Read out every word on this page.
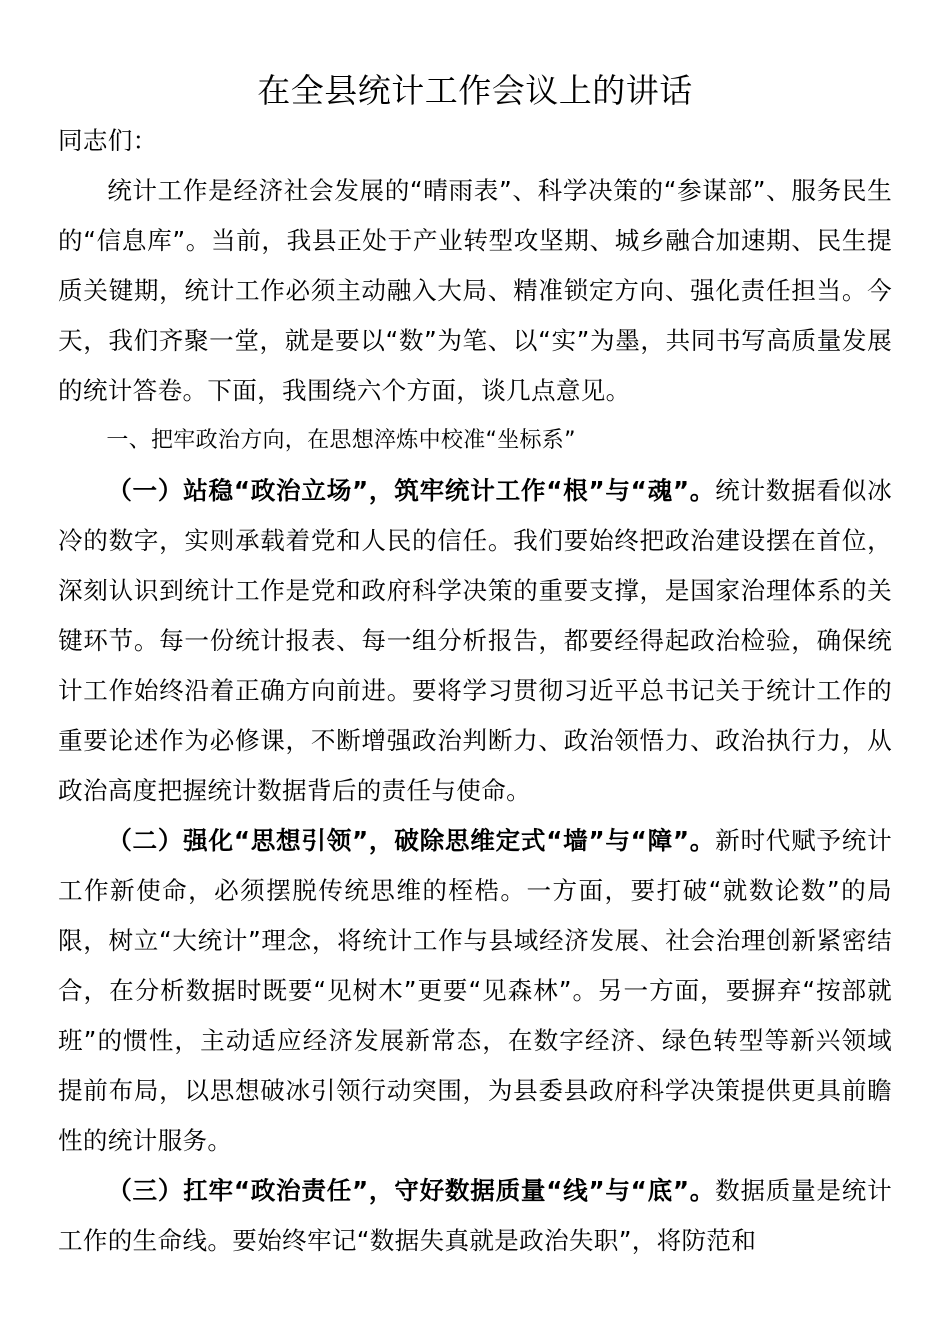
在全县统计工作会议上的讲话

同志们：

统计工作是经济社会发展的“晴雨表”、科学决策的“参谋部”、服务民生的“信息库”。当前，我县正处于产业转型攻坚期、城乡融合加速期、民生提质关键期，统计工作必须主动融入大局、精准锁定方向、强化责任担当。今天，我们齐聚一堂，就是要以“数”为笔、以“实”为墨，共同书写高质量发展的统计答卷。下面，我围绕六个方面，谈几点意见。

一、把牢政治方向，在思想淬炼中校准“坐标系”

（一）站稳“政治立场”，筑牢统计工作“根”与“魂”。统计数据看似冰冷的数字，实则承载着党和人民的信任。我们要始终把政治建设摆在首位，深刻认识到统计工作是党和政府科学决策的重要支撑，是国家治理体系的关键环节。每一份统计报表、每一组分析报告，都要经得起政治检验，确保统计工作始终沿着正确方向前进。要将学习贯彻习近平总书记关于统计工作的重要论述作为必修课，不断增强政治判断力、政治领悟力、政治执行力，从政治高度把握统计数据背后的责任与使命。

（二）强化“思想引领”，破除思维定式“墙”与“障”。新时代赋予统计工作新使命，必须摆脱传统思维的桎梏。一方面，要打破“就数论数”的局限，树立“大统计”理念，将统计工作与县域经济发展、社会治理创新紧密结合，在分析数据时既要“见树木”更要“见森林”。另一方面，要摒弃“按部就班”的惯性，主动适应经济发展新常态，在数字经济、绿色转型等新兴领域提前布局，以思想破冰引领行动突围，为县委县政府科学决策提供更具前瞻性的统计服务。

（三）扛牢“政治责任”，守好数据质量“线”与“底”。数据质量是统计工作的生命线。要始终牢记“数据失真就是政治失职”，将防范和
